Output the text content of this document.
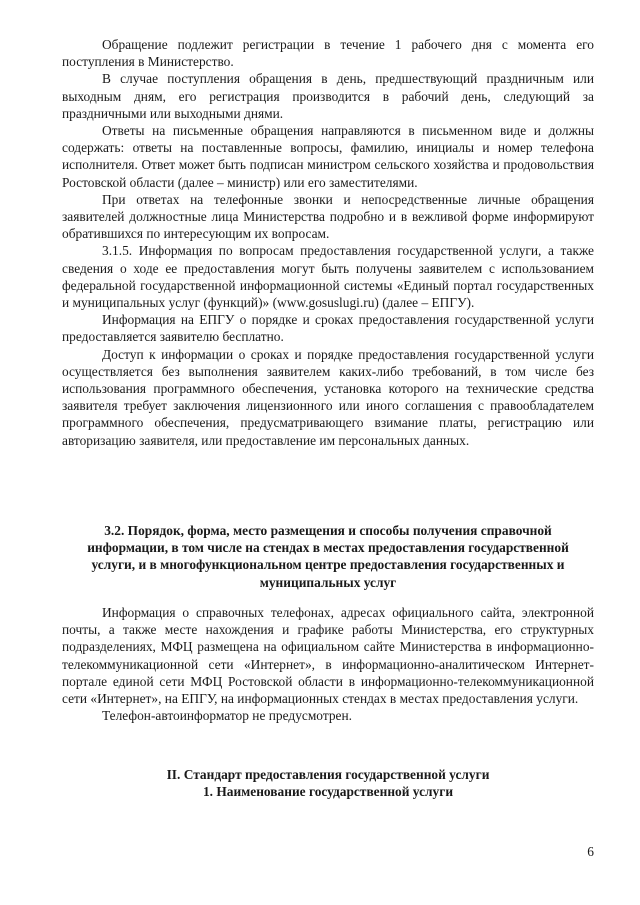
Обращение подлежит регистрации в течение 1 рабочего дня с момента его поступления в Министерство.

В случае поступления обращения в день, предшествующий праздничным или выходным дням, его регистрация производится в рабочий день, следующий за праздничными или выходными днями.

Ответы на письменные обращения направляются в письменном виде и должны содержать: ответы на поставленные вопросы, фамилию, инициалы и номер телефона исполнителя. Ответ может быть подписан министром сельского хозяйства и продовольствия Ростовской области (далее – министр) или его заместителями.

При ответах на телефонные звонки и непосредственные личные обращения заявителей должностные лица Министерства подробно и в вежливой форме информируют обратившихся по интересующим их вопросам.

3.1.5. Информация по вопросам предоставления государственной услуги, а также сведения о ходе ее предоставления могут быть получены заявителем с использованием федеральной государственной информационной системы «Единый портал государственных и муниципальных услуг (функций)» (www.gosuslugi.ru) (далее – ЕПГУ).

Информация на ЕПГУ о порядке и сроках предоставления государственной услуги предоставляется заявителю бесплатно.

Доступ к информации о сроках и порядке предоставления государственной услуги осуществляется без выполнения заявителем каких-либо требований, в том числе без использования программного обеспечения, установка которого на технические средства заявителя требует заключения лицензионного или иного соглашения с правообладателем программного обеспечения, предусматривающего взимание платы, регистрацию или авторизацию заявителя, или предоставление им персональных данных.

3.2. Порядок, форма, место размещения и способы получения справочной информации, в том числе на стендах в местах предоставления государственной услуги, и в многофункциональном центре предоставления государственных и муниципальных услуг

Информация о справочных телефонах, адресах официального сайта, электронной почты, а также месте нахождения и графике работы Министерства, его структурных подразделениях, МФЦ размещена на официальном сайте Министерства в информационно-телекоммуникационной сети «Интернет», в информационно-аналитическом Интернет-портале единой сети МФЦ Ростовской области в информационно-телекоммуникационной сети «Интернет», на ЕПГУ, на информационных стендах в местах предоставления услуги.

Телефон-автоинформатор не предусмотрен.

II. Стандарт предоставления государственной услуги
1. Наименование государственной услуги
6
